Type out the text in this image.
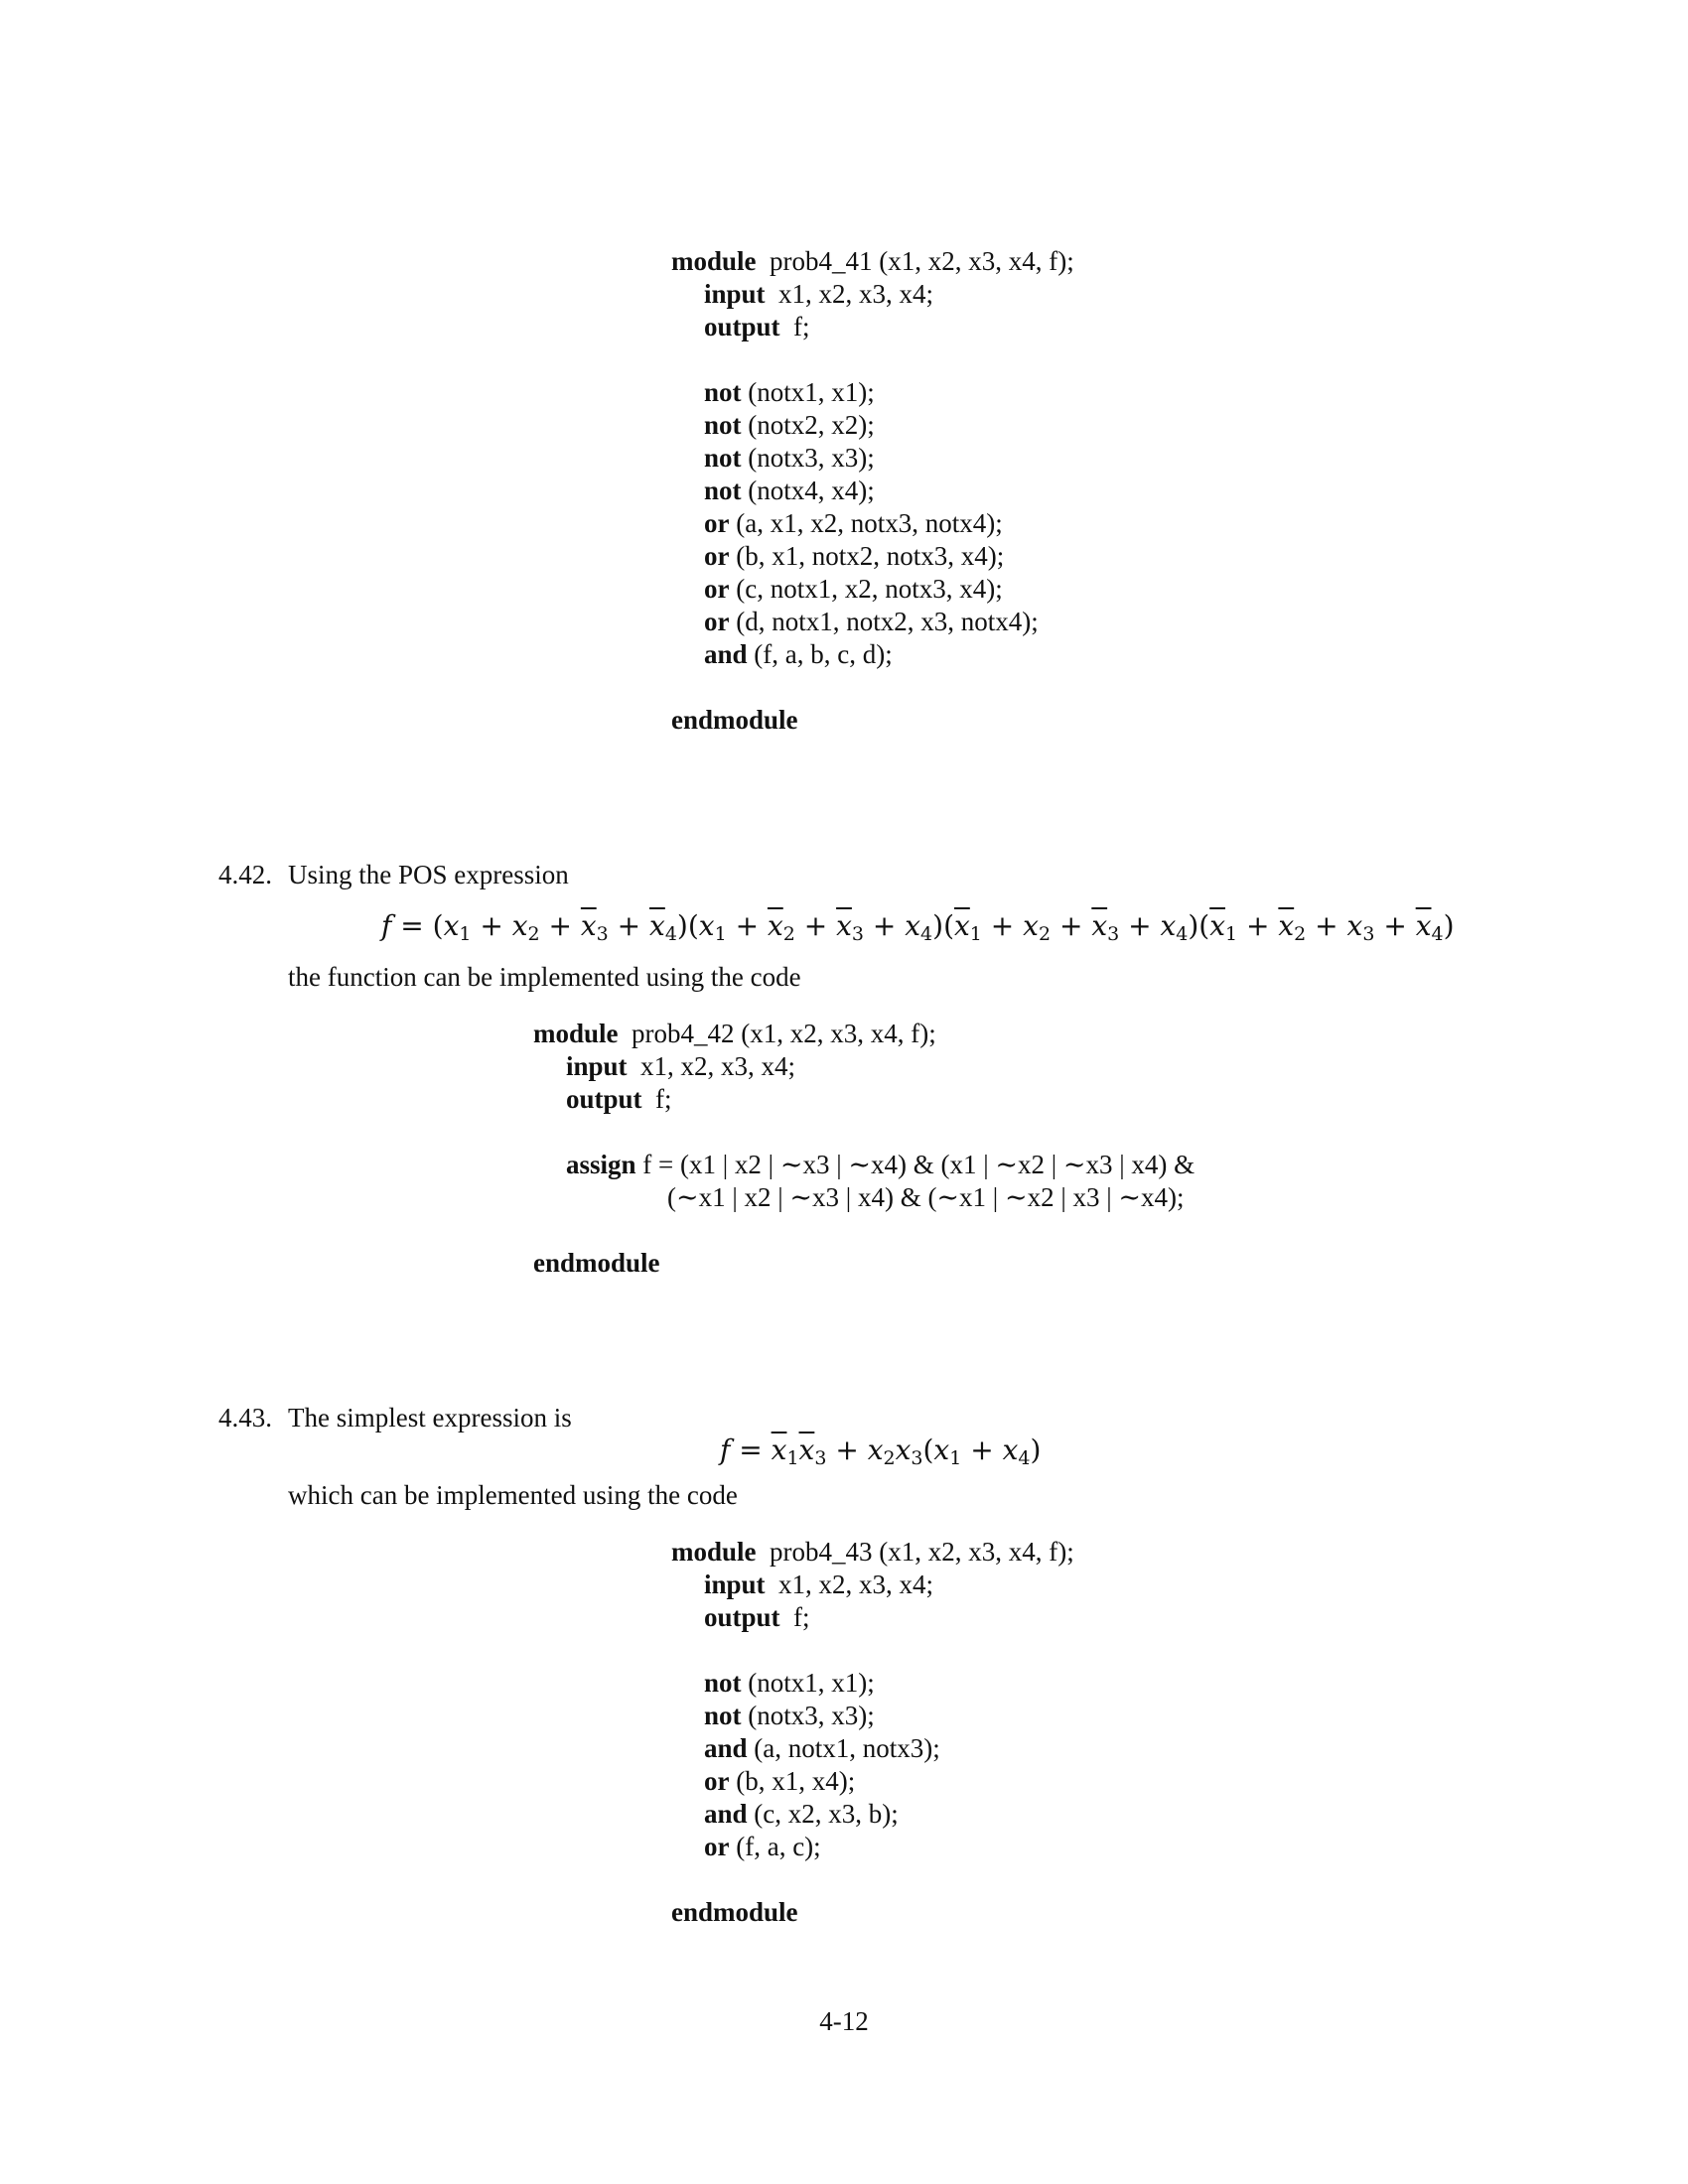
module prob4_41 (x1, x2, x3, x4, f);
input x1, x2, x3, x4;
output f;
not (notx1, x1);
not (notx2, x2);
not (notx3, x3);
not (notx4, x4);
or (a, x1, x2, notx3, notx4);
or (b, x1, notx2, notx3, x4);
or (c, notx1, x2, notx3, x4);
or (d, notx1, notx2, x3, notx4);
and (f, a, b, c, d);
endmodule
4.42. Using the POS expression
$f = (x_1 + x_2 + \overline{x}_3 + \overline{x}_4)(x_1 + \overline{x}_2 + \overline{x}_3 + x_4)(\overline{x}_1 + x_2 + \overline{x}_3 + x_4)(\overline{x}_1 + \overline{x}_2 + x_3 + \overline{x}_4)$
the function can be implemented using the code
module prob4_42 (x1, x2, x3, x4, f);
input x1, x2, x3, x4;
output f;
assign f = (x1 | x2 | ∼x3 | ∼x4) & (x1 | ∼x2 | ∼x3 | x4) &
(∼x1 | x2 | ∼x3 | x4) & (∼x1 | ∼x2 | x3 | ∼x4);
endmodule
4.43. The simplest expression is
$f = \overline{x}_1\overline{x}_3 + x_2x_3(x_1 + x_4)$
which can be implemented using the code
module prob4_43 (x1, x2, x3, x4, f);
input x1, x2, x3, x4;
output f;
not (notx1, x1);
not (notx3, x3);
and (a, notx1, notx3);
or (b, x1, x4);
and (c, x2, x3, b);
or (f, a, c);
endmodule
4-12
